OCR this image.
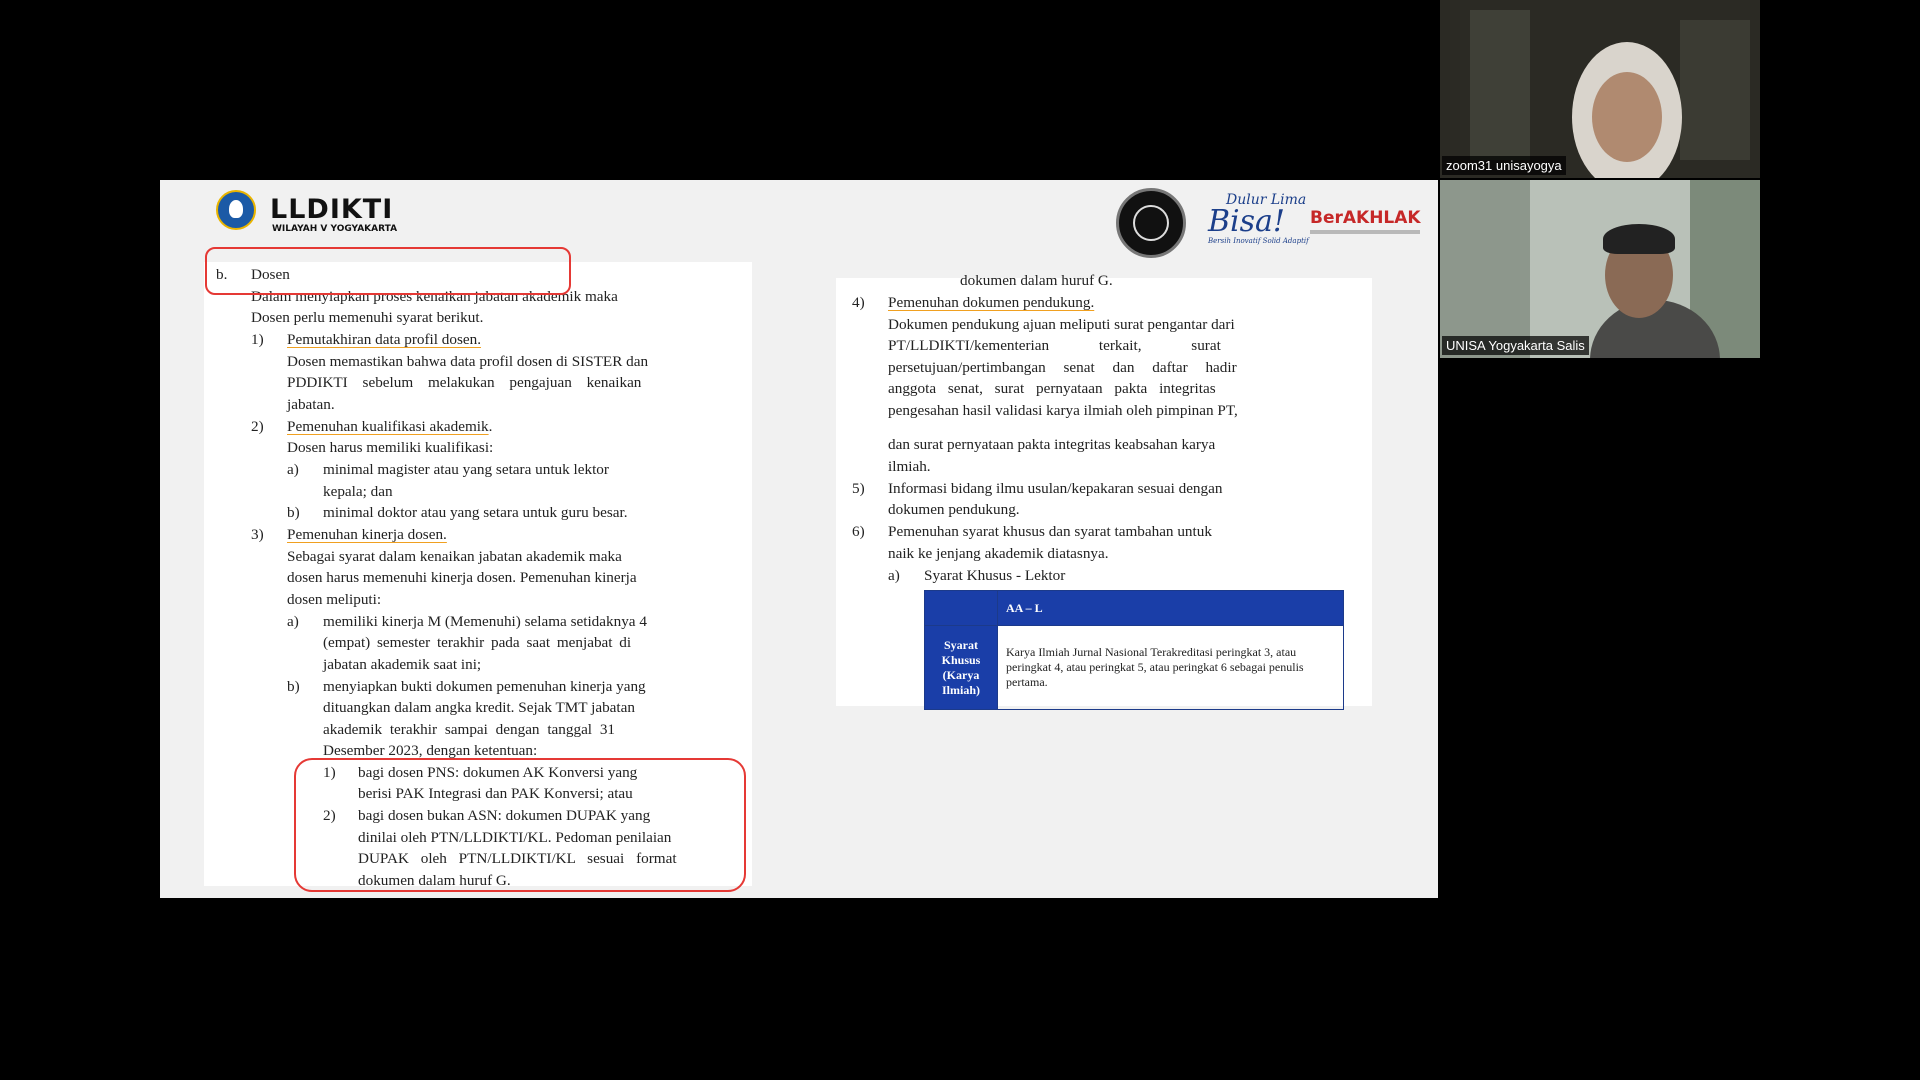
LLDIKTI
WILAYAH V YOGYAKARTA
Dulur Lima
Bisa!
Bersih Inovatif Solid Adaptif
BerAKHLAK
b. Dosen
Dalam menyiapkan proses kenaikan jabatan akademik maka
Dosen perlu memenuhi syarat berikut.
1) Pemutakhiran data profil dosen.
Dosen memastikan bahwa data profil dosen di SISTER dan
PDDIKTI sebelum melakukan pengajuan kenaikan
jabatan.
2) Pemenuhan kualifikasi akademik.
Dosen harus memiliki kualifikasi:
a) minimal magister atau yang setara untuk lektor
kepala; dan
b) minimal doktor atau yang setara untuk guru besar.
3) Pemenuhan kinerja dosen.
Sebagai syarat dalam kenaikan jabatan akademik maka
dosen harus memenuhi kinerja dosen. Pemenuhan kinerja
dosen meliputi:
a) memiliki kinerja M (Memenuhi) selama setidaknya 4
(empat) semester terakhir pada saat menjabat di
jabatan akademik saat ini;
b) menyiapkan bukti dokumen pemenuhan kinerja yang
dituangkan dalam angka kredit. Sejak TMT jabatan
akademik terakhir sampai dengan tanggal 31
Desember 2023, dengan ketentuan:
1) bagi dosen PNS: dokumen AK Konversi yang
berisi PAK Integrasi dan PAK Konversi; atau
2) bagi dosen bukan ASN: dokumen DUPAK yang
dinilai oleh PTN/LLDIKTI/KL. Pedoman penilaian
DUPAK oleh PTN/LLDIKTI/KL sesuai format
dokumen dalam huruf G.
dokumen dalam huruf G.
4) Pemenuhan dokumen pendukung.
Dokumen pendukung ajuan meliputi surat pengantar dari
PT/LLDIKTI/kementerian terkait, surat
persetujuan/pertimbangan senat dan daftar hadir
anggota senat, surat pernyataan pakta integritas
pengesahan hasil validasi karya ilmiah oleh pimpinan PT,
dan surat pernyataan pakta integritas keabsahan karya
ilmiah.
5) Informasi bidang ilmu usulan/kepakaran sesuai dengan
dokumen pendukung.
6) Pemenuhan syarat khusus dan syarat tambahan untuk
naik ke jenjang akademik diatasnya.
a) Syarat Khusus - Lektor
	AA – L
Syarat Khusus (Karya Ilmiah)	Karya Ilmiah Jurnal Nasional Terakreditasi peringkat 3, atau peringkat 4, atau peringkat 5, atau peringkat 6 sebagai penulis pertama.
zoom31 unisayogya
UNISA Yogyakarta Salis
